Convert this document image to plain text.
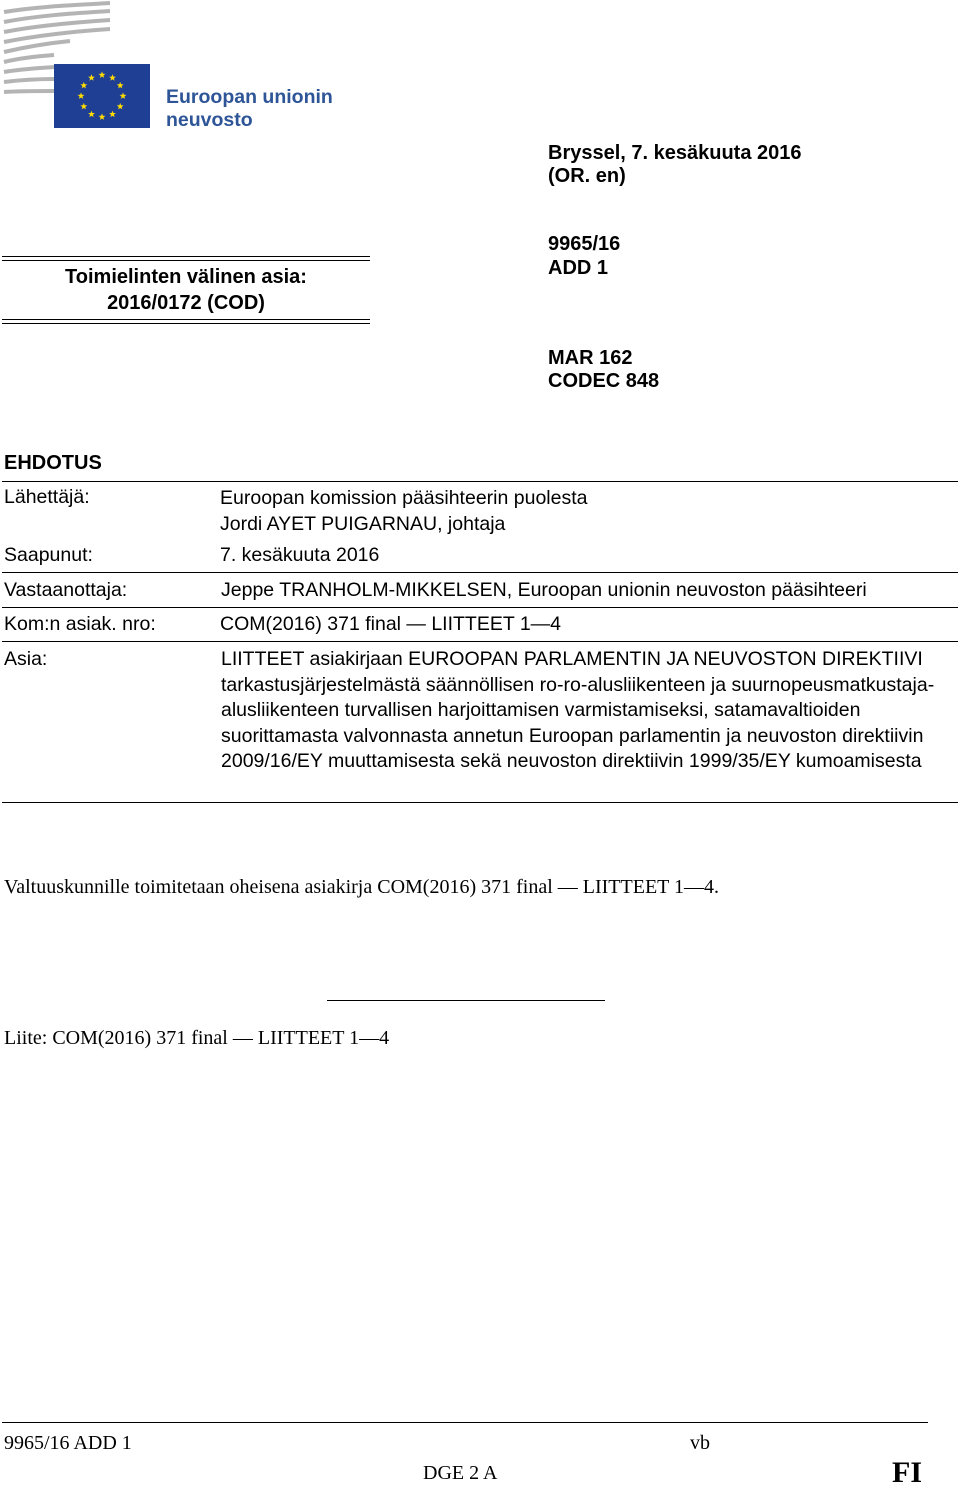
Euroopan unionin
neuvosto
Bryssel, 7. kesäkuuta 2016
(OR. en)
Toimielinten välinen asia:
2016/0172 (COD)
9965/16
ADD 1
MAR 162
CODEC 848
EHDOTUS
Lähettäjä:	Euroopan komission pääsihteerin puolesta
Jordi AYET PUIGARNAU, johtaja
Saapunut:	7. kesäkuuta 2016
Vastaanottaja:	Jeppe TRANHOLM-MIKKELSEN, Euroopan unionin neuvoston pääsihteeri
Kom:n asiak. nro:	COM(2016) 371 final — LIITTEET 1—4
Asia:	LIITTEET asiakirjaan EUROOPAN PARLAMENTIN JA NEUVOSTON DIREKTIIVI tarkastusjärjestelmästä säännöllisen ro-ro-alusliikenteen ja suurnopeusmatkustaja-alusliikenteen turvallisen harjoittamisen varmistamiseksi, satamavaltioiden suorittamasta valvonnasta annetun Euroopan parlamentin ja neuvoston direktiivin 2009/16/EY muuttamisesta sekä neuvoston direktiivin 1999/35/EY kumoamisesta
Valtuuskunnille toimitetaan oheisena asiakirja COM(2016) 371 final — LIITTEET 1—4.
Liite: COM(2016) 371 final — LIITTEET 1—4
9965/16 ADD 1	vb
DGE 2 A	FI
